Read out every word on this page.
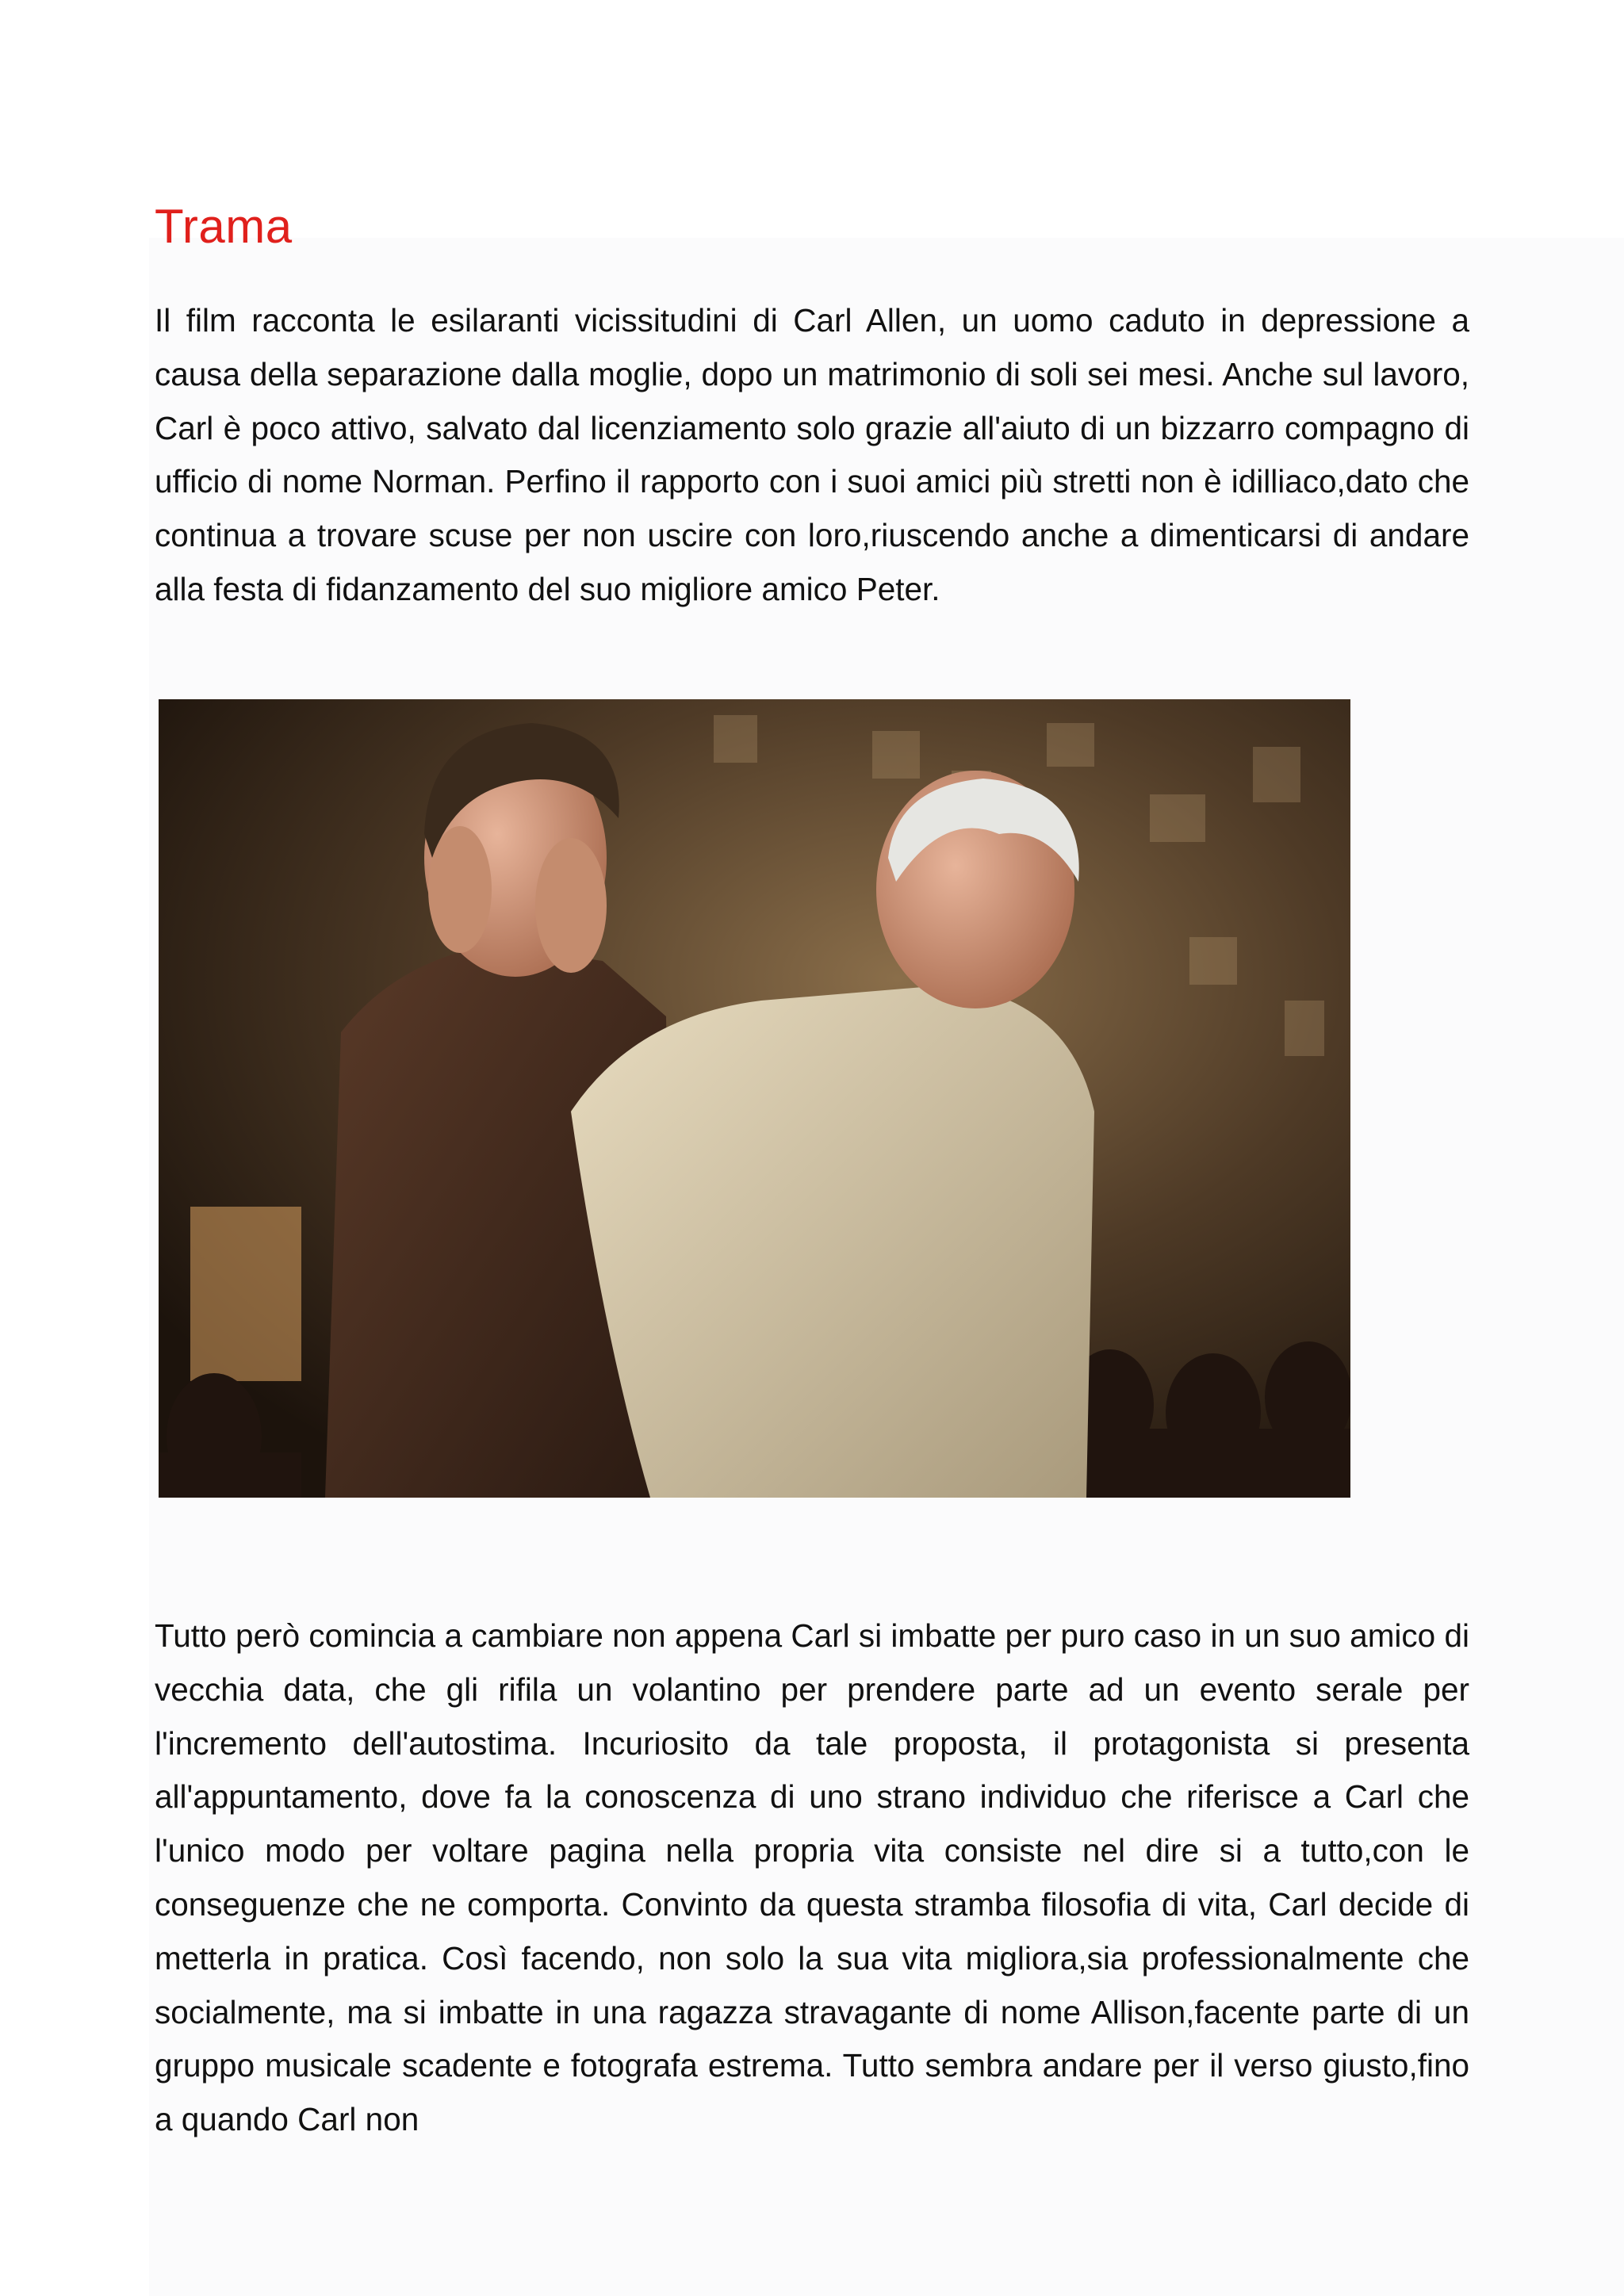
Trama

Il film racconta le esilaranti vicissitudini di Carl Allen, un uomo caduto in depressione a causa della separazione dalla moglie, dopo un matrimonio di soli sei mesi. Anche sul lavoro, Carl è poco attivo, salvato dal licenziamento solo grazie all'aiuto di un bizzarro compagno di ufficio di nome Norman. Perfino il rapporto con i suoi amici più stretti non è idilliaco,dato che continua a trovare scuse per non uscire con loro,riuscendo anche a dimenticarsi di andare alla festa di fidanzamento del suo migliore amico Peter.

Tutto però comincia a cambiare non appena Carl si imbatte per puro caso in un suo amico di vecchia data, che gli rifila un volantino per prendere parte ad un evento serale per l'incremento dell'autostima. Incuriosito da tale proposta, il protagonista si presenta all'appuntamento, dove fa la conoscenza di uno strano individuo che riferisce a Carl che l'unico modo per voltare pagina nella propria vita consiste nel dire si a tutto,con le conseguenze che ne comporta. Convinto da questa stramba filosofia di vita, Carl decide di metterla in pratica. Così facendo, non solo la sua vita migliora,sia professionalmente che socialmente, ma si imbatte in una ragazza stravagante di nome Allison,facente parte di un gruppo musicale scadente e fotografa estrema. Tutto sembra andare per il verso giusto,fino a quando Carl non
